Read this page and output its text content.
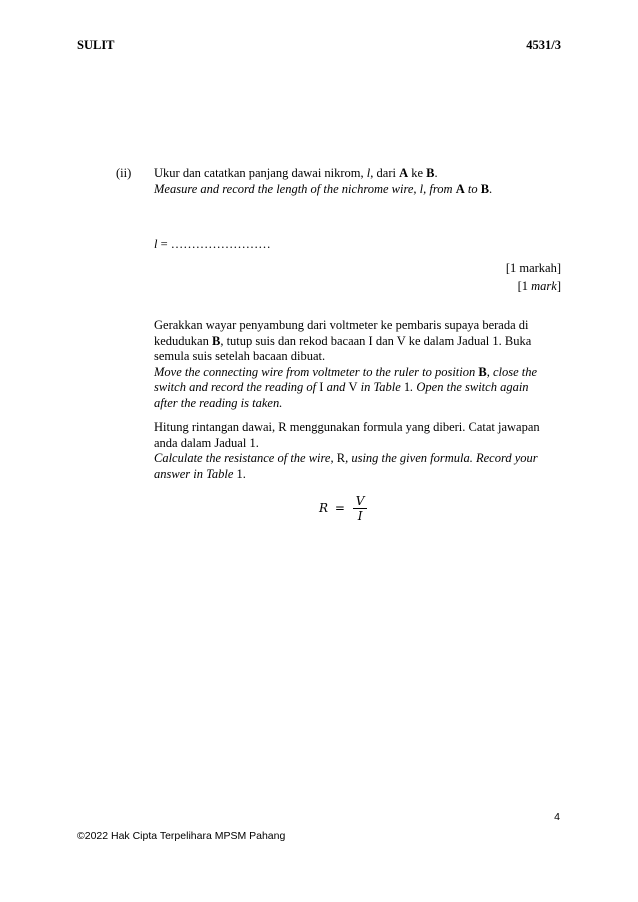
SULIT	4531/3
(ii) Ukur dan catatkan panjang dawai nikrom, l, dari A ke B.
Measure and record the length of the nichrome wire, l, from A to B.
l = ……………………
[1 markah]
[1 mark]
Gerakkan wayar penyambung dari voltmeter ke pembaris supaya berada di
kedudukan B, tutup suis dan rekod bacaan I dan V ke dalam Jadual 1. Buka
semula suis setelah bacaan dibuat.
Move the connecting wire from voltmeter to the ruler to position B, close the
switch and record the reading of I and V in Table 1. Open the switch again
after the reading is taken.
Hitung rintangan dawai, R menggunakan formula yang diberi. Catat jawapan
anda dalam Jadual 1.
Calculate the resistance of the wire, R, using the given formula. Record your
answer in Table 1.
$R = \frac{V}{I}$
4
©2022 Hak Cipta Terpelihara MPSM Pahang
